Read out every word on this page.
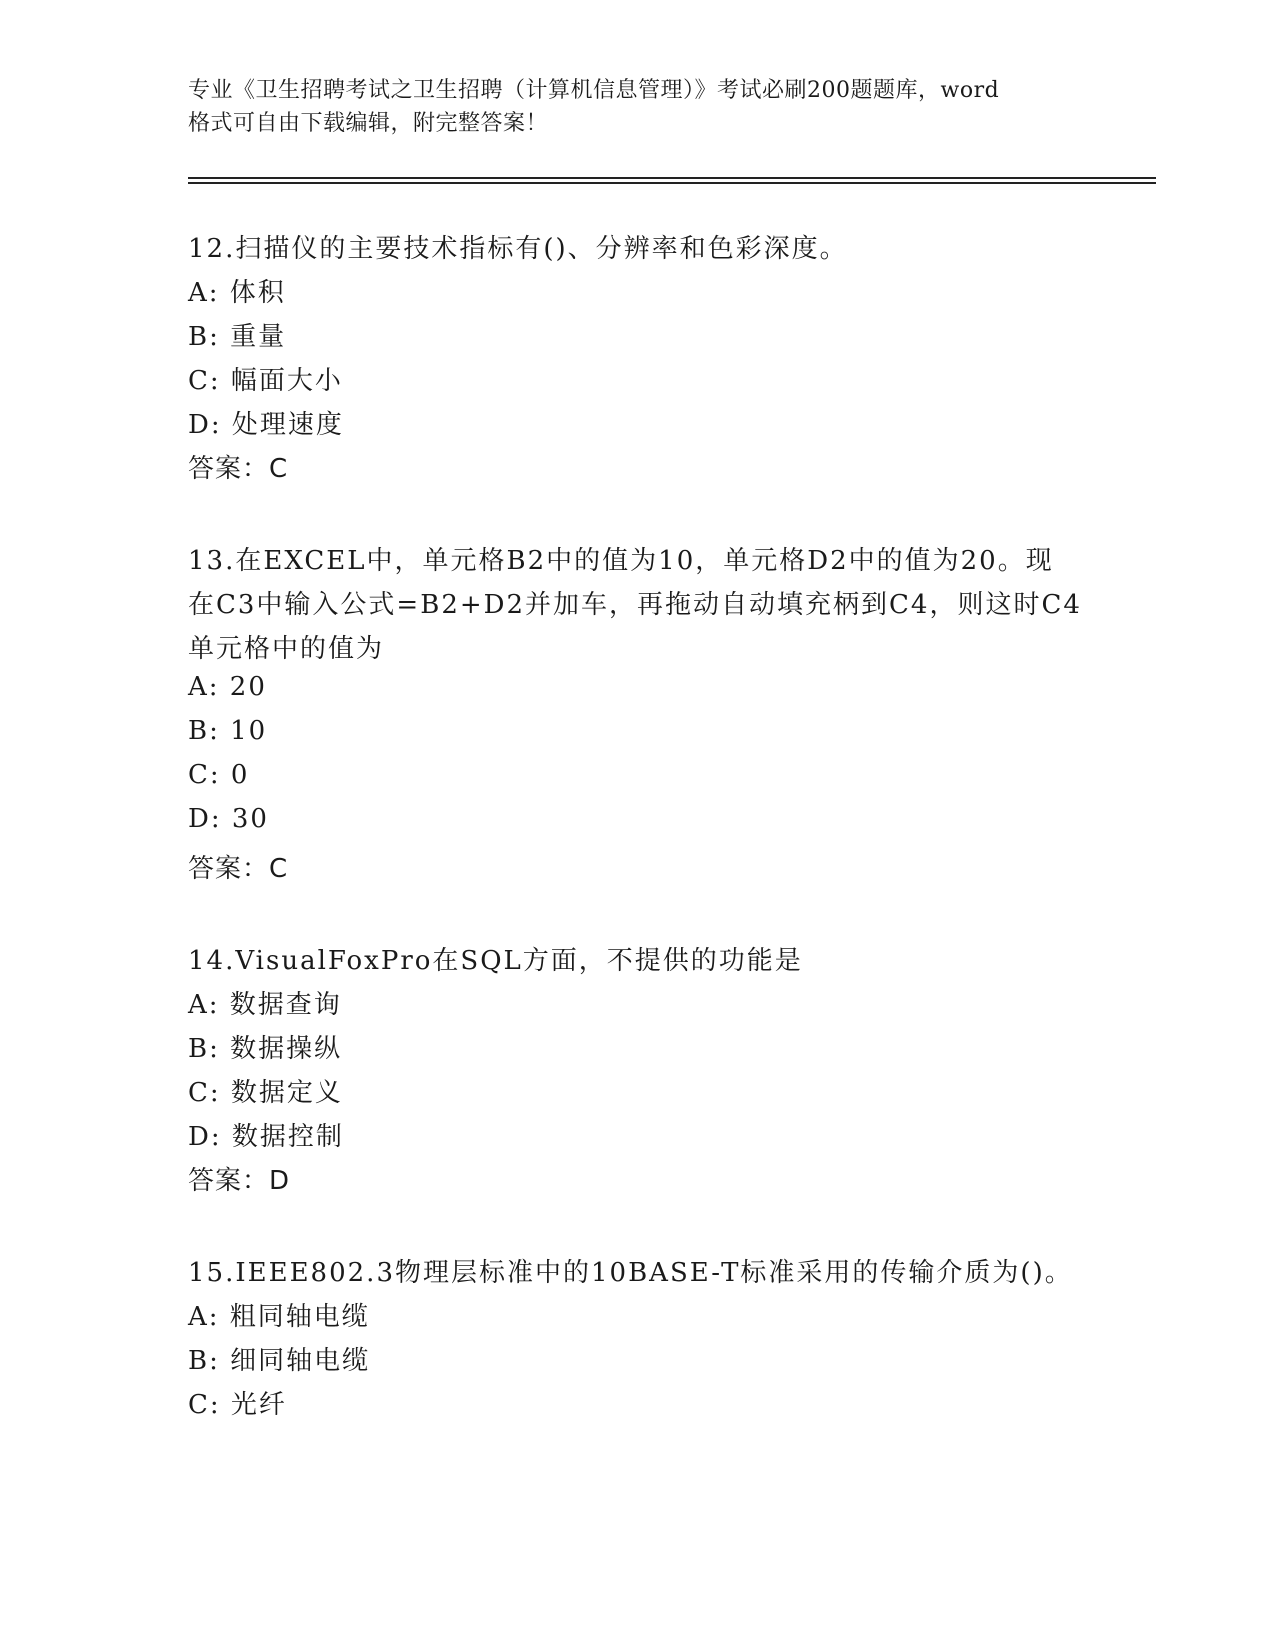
专业《卫生招聘考试之卫生招聘（计算机信息管理）》考试必刷200题题库，word
格式可自由下载编辑，附完整答案！
12.扫描仪的主要技术指标有()、分辨率和色彩深度。
A: 体积
B: 重量
C: 幅面大小
D: 处理速度
答案：C
13.在EXCEL中，单元格B2中的值为10，单元格D2中的值为20。现
在C3中输入公式=B2+D2并加车，再拖动自动填充柄到C4，则这时C4
单元格中的值为
A: 20
B: 10
C: 0
D: 30
答案：C
14.VisualFoxPro在SQL方面，不提供的功能是
A: 数据查询
B: 数据操纵
C: 数据定义
D: 数据控制
答案：D
15.IEEE802.3物理层标准中的10BASE-T标准采用的传输介质为()。
A: 粗同轴电缆
B: 细同轴电缆
C: 光纤
